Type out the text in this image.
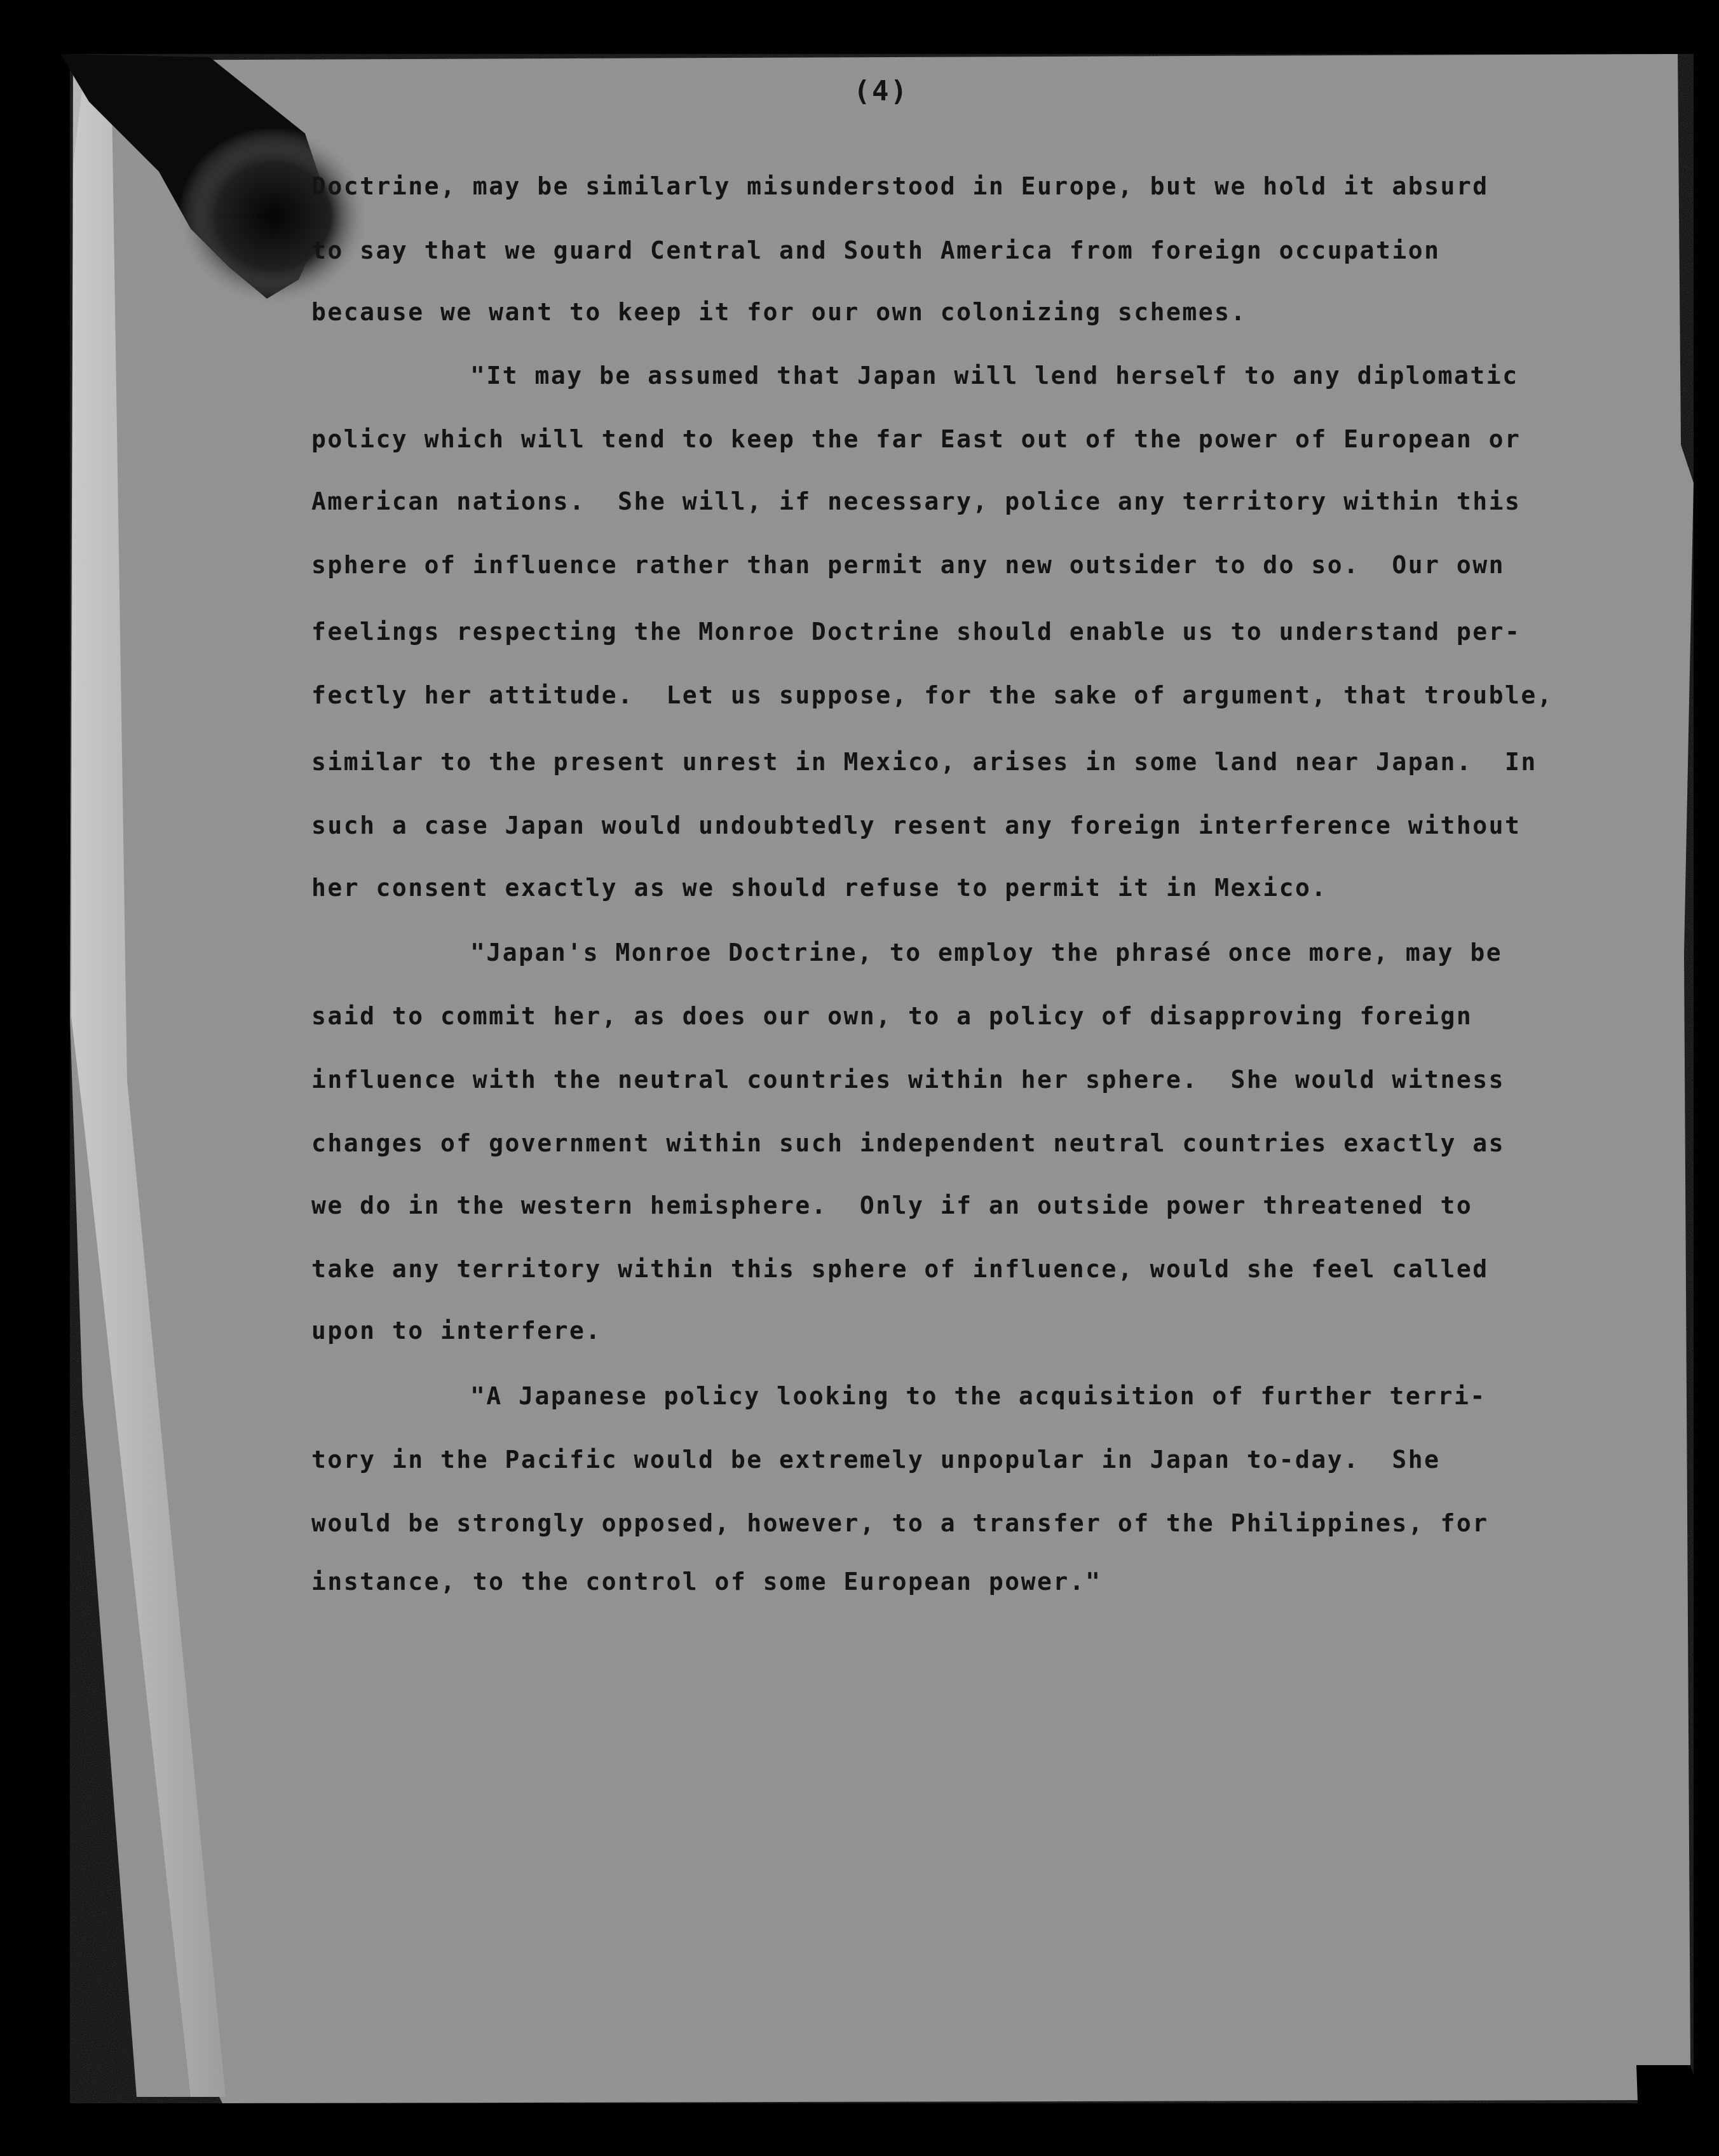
(4)
Doctrine, may be similarly misunderstood in Europe, but we hold it absurd
to say that we guard Central and South America from foreign occupation
because we want to keep it for our own colonizing schemes.
"It may be assumed that Japan will lend herself to any diplomatic
policy which will tend to keep the far East out of the power of European or
American nations.  She will, if necessary, police any territory within this
sphere of influence rather than permit any new outsider to do so.  Our own
feelings respecting the Monroe Doctrine should enable us to understand per-
fectly her attitude.  Let us suppose, for the sake of argument, that trouble,
similar to the present unrest in Mexico, arises in some land near Japan.  In
such a case Japan would undoubtedly resent any foreign interference without
her consent exactly as we should refuse to permit it in Mexico.
"Japan's Monroe Doctrine, to employ the phrasé once more, may be
said to commit her, as does our own, to a policy of disapproving foreign
influence with the neutral countries within her sphere.  She would witness
changes of government within such independent neutral countries exactly as
we do in the western hemisphere.  Only if an outside power threatened to
take any territory within this sphere of influence, would she feel called
upon to interfere.
"A Japanese policy looking to the acquisition of further terri-
tory in the Pacific would be extremely unpopular in Japan to-day.  She
would be strongly opposed, however, to a transfer of the Philippines, for
instance, to the control of some European power."
